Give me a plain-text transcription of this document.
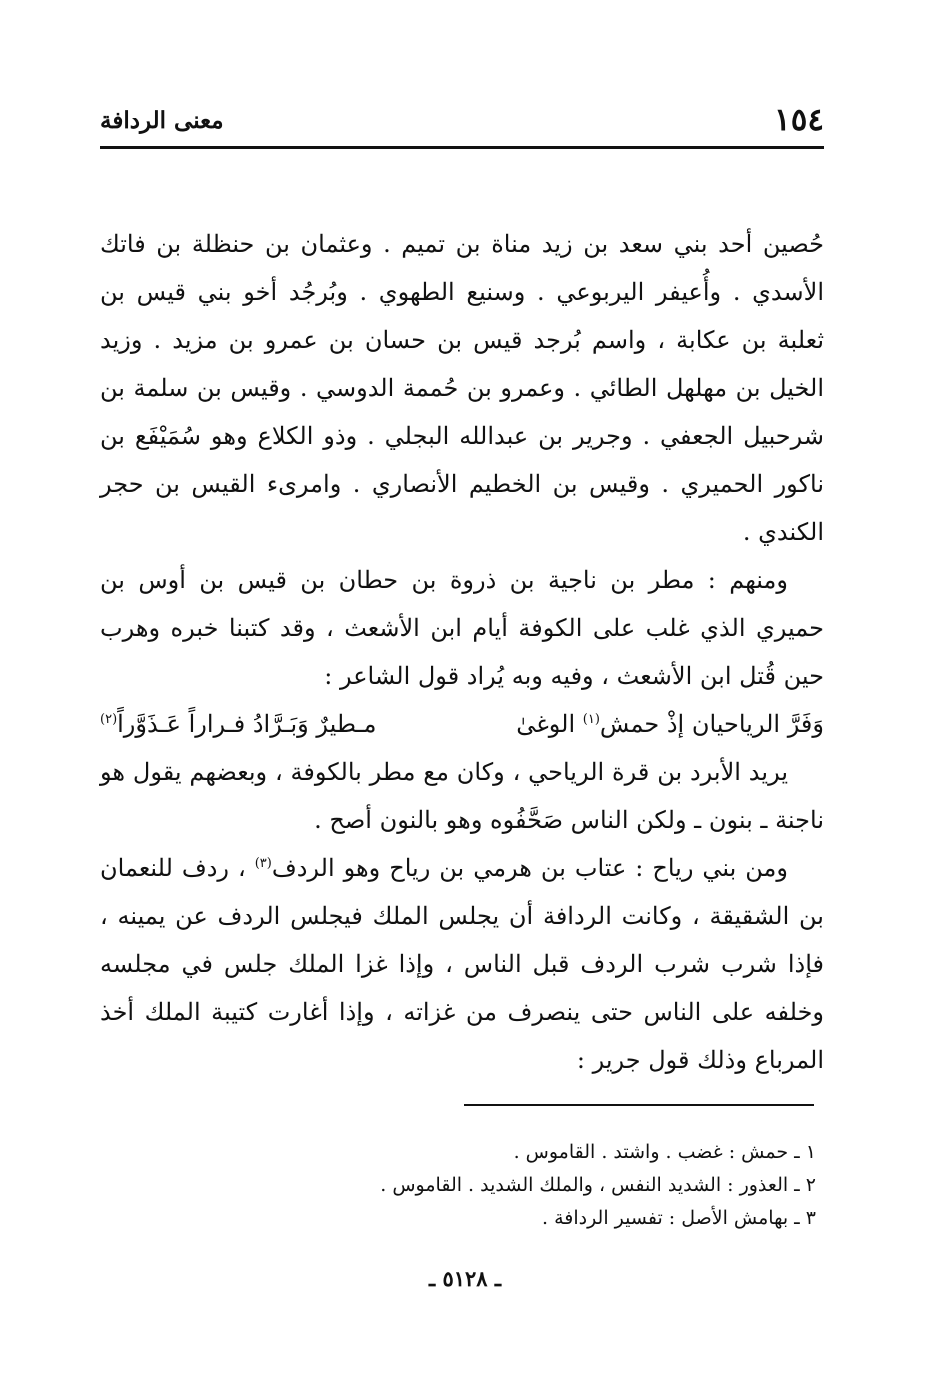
١٥٤
معنى الردافة

حُصين أحد بني سعد بن زيد مناة بن تميم . وعثمان بن حنظلة بن فاتك الأسدي . وأُعيفر اليربوعي . وسنيع الطهوي . وبُرجُد أخو بني قيس بن ثعلبة بن عكابة ، واسم بُرجد قيس بن حسان بن عمرو بن مزيد . وزيد الخيل بن مهلهل الطائي . وعمرو بن حُممة الدوسي . وقيس بن سلمة بن شرحبيل الجعفي . وجرير بن عبدالله البجلي . وذو الكلاع وهو سُمَيْفَع بن ناكور الحميري . وقيس بن الخطيم الأنصاري . وامرىء القيس بن حجر الكندي .

ومنهم : مطر بن ناجية بن ذروة بن حطان بن قيس بن أوس بن حميري الذي غلب على الكوفة أيام ابن الأشعث ، وقد كتبنا خبره وهرب حين قُتل ابن الأشعث ، وفيه وبه يُراد قول الشاعر :

وَفَرَّ الرياحيان إذْ حمش$^{(١)}$ الوغىٰ
مـطيرٌ وَبَـرَّادُ فـراراً عَـذَوَّراً$^{(٢)}$

يريد الأبرد بن قرة الرياحي ، وكان مع مطر بالكوفة ، وبعضهم يقول هو ناجنة ـ بنون ـ ولكن الناس صَحَّفُوه وهو بالنون أصح .

ومن بني رياح : عتاب بن هرمي بن رياح وهو الردف$^{(٣)}$ ، ردف للنعمان بن الشقيقة ، وكانت الردافة أن يجلس الملك فيجلس الردف عن يمينه ، فإذا شرب شرب الردف قبل الناس ، وإذا غزا الملك جلس في مجلسه وخلفه على الناس حتى ينصرف من غزاته ، وإذا أغارت كتيبة الملك أخذ المرباع وذلك قول جرير :

١ ـ حمش : غضب . واشتد . القاموس .
٢ ـ العذور : الشديد النفس ، والملك الشديد . القاموس .
٣ ـ بهامش الأصل : تفسير الردافة .
ـ ٥١٢٨ ـ
